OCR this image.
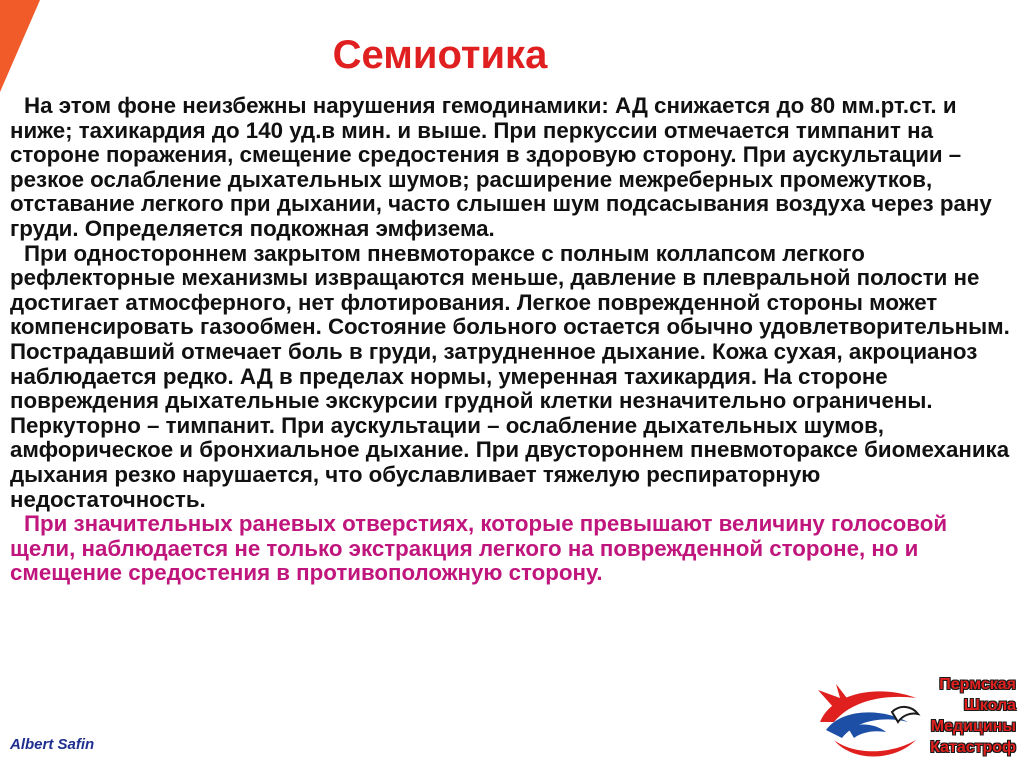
Семиотика

На этом фоне неизбежны нарушения гемодинамики: АД снижается до 80 мм.рт.ст. и ниже; тахикардия до 140 уд.в мин. и выше. При перкуссии отмечается тимпанит на стороне поражения, смещение средостения в здоровую сторону. При аускультации – резкое ослабление дыхательных шумов; расширение межреберных промежутков, отставание легкого при дыхании, часто слышен шум подсасывания воздуха через рану груди. Определяется подкожная эмфизема.

При одностороннем закрытом пневмотораксе с полным коллапсом легкого рефлекторные механизмы извращаются меньше, давление в плевральной полости не достигает атмосферного, нет флотирования. Легкое поврежденной стороны может компенсировать газообмен. Состояние больного остается обычно удовлетворительным. Пострадавший отмечает боль в груди, затрудненное дыхание. Кожа сухая, акроцианоз наблюдается редко. АД в пределах нормы, умеренная тахикардия. На стороне повреждения дыхательные экскурсии грудной клетки незначительно ограничены. Перкуторно – тимпанит. При аускультации – ослабление дыхательных шумов, амфорическое и бронхиальное дыхание. При двустороннем пневмотораксе биомеханика дыхания резко нарушается, что обуславливает тяжелую респираторную недостаточность.

При значительных раневых отверстиях, которые превышают величину голосовой щели, наблюдается не только экстракция легкого на поврежденной стороне, но и смещение средостения в противоположную сторону.

Albert Safin
Пермская
Школа
Медицины
Катастроф
